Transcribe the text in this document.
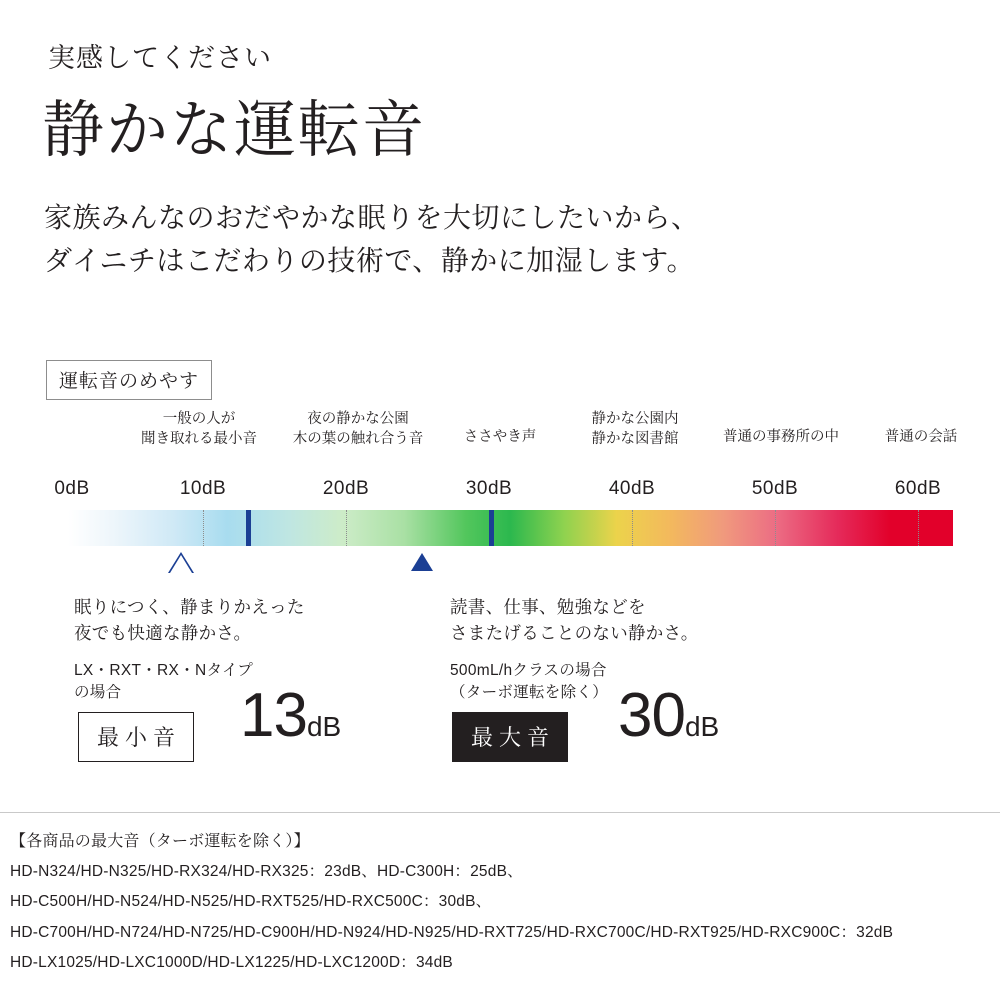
実感してください
静かな運転音
家族みんなのおだやかな眠りを大切にしたいから、
ダイニチはこだわりの技術で、静かに加湿します。
運転音のめやす
一般の人が
聞き取れる最小音
夜の静かな公園
木の葉の触れ合う音	ささやき声
静かな公園内
静かな図書館	普通の事務所の中	普通の会話
0dB	10dB	20dB	30dB	40dB	50dB	60dB
眠りにつく、静まりかえった
夜でも快適な静かさ。
LX・RXT・RX・Nタイプ
の場合
最小音 13dB
読書、仕事、勉強などを
さまたげることのない静かさ。
500mL/hクラスの場合
（ターボ運転を除く）
最大音 30dB
【各商品の最大音（ターボ運転を除く）】
HD-N324/HD-N325/HD-RX324/HD-RX325：23dB、HD-C300H：25dB、
HD-C500H/HD-N524/HD-N525/HD-RXT525/HD-RXC500C：30dB、
HD-C700H/HD-N724/HD-N725/HD-C900H/HD-N924/HD-N925/HD-RXT725/HD-RXC700C/HD-RXT925/HD-RXC900C：32dB
HD-LX1025/HD-LXC1000D/HD-LX1225/HD-LXC1200D：34dB
